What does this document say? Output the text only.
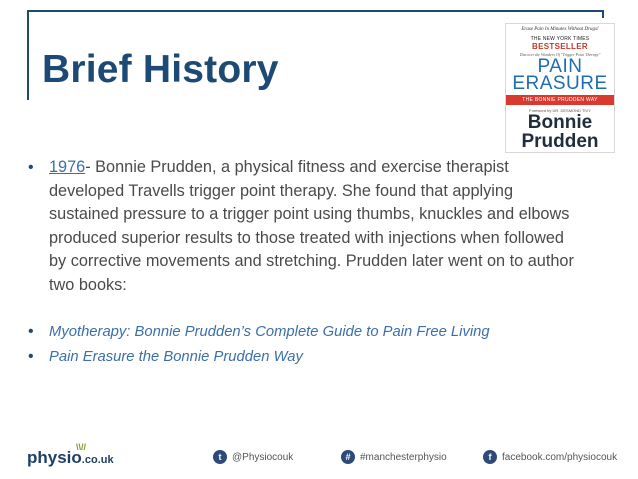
Brief History
Erase Pain In Minutes Without Drugs!
THE NEW YORK TIMES
BESTSELLER
Discover the Wonders Of "Trigger Point Therapy"
PAIN
ERASURE
THE BONNIE PRUDDEN WAY
Foreword by DR. DESMOND TIVY
Bonnie
Prudden
• 1976- Bonnie Prudden, a physical fitness and exercise therapist developed Travells trigger point therapy. She found that applying sustained pressure to a trigger point using thumbs, knuckles and elbows produced superior results to those treated with injections when followed by corrective movements and stretching. Prudden later went on to author two books:
• Myotherapy: Bonnie Prudden’s Complete Guide to Pain Free Living
• Pain Erasure the Bonnie Prudden Way
physio.co.uk
\\//
t	@Physiocouk	# #manchesterphysio	f	facebook.com/physiocouk
